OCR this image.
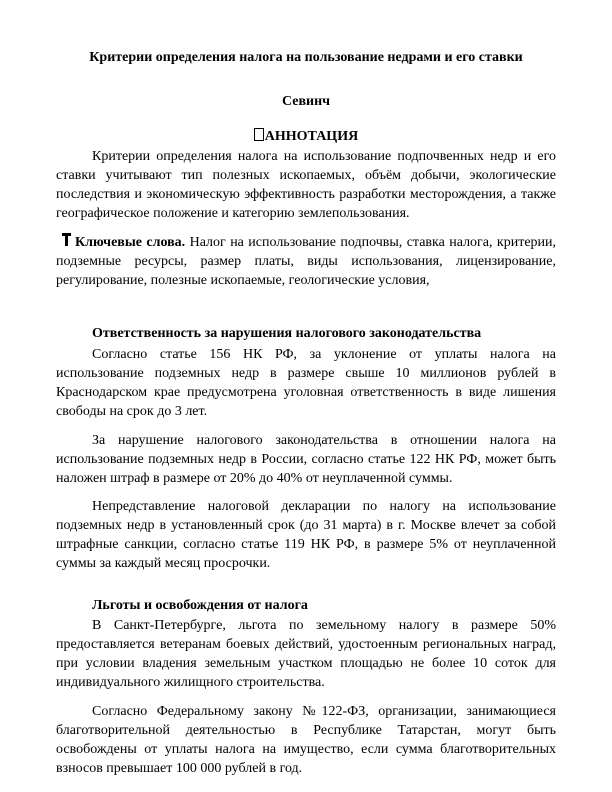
Критерии определения налога на пользование недрами и его ставки
Севинч
АННОТАЦИЯ

Критерии определения налога на использование подпочвенных недр и его ставки учитывают тип полезных ископаемых, объём добычи, экологические последствия и экономическую эффективность разработки месторождения, а также географическое положение и категорию землепользования.

Ключевые слова. Налог на использование подпочвы, ставка налога, критерии, подземные ресурсы, размер платы, виды использования, лицензирование, регулирование, полезные ископаемые, геологические условия,

Ответственность за нарушения налогового законодательства

Согласно статье 156 НК РФ, за уклонение от уплаты налога на использование подземных недр в размере свыше 10 миллионов рублей в Краснодарском крае предусмотрена уголовная ответственность в виде лишения свободы на срок до 3 лет.

За нарушение налогового законодательства в отношении налога на использование подземных недр в России, согласно статье 122 НК РФ, может быть наложен штраф в размере от 20% до 40% от неуплаченной суммы.

Непредставление налоговой декларации по налогу на использование подземных недр в установленный срок (до 31 марта) в г. Москве влечет за собой штрафные санкции, согласно статье 119 НК РФ, в размере 5% от неуплаченной суммы за каждый месяц просрочки.

Льготы и освобождения от налога

В Санкт-Петербурге, льгота по земельному налогу в размере 50% предоставляется ветеранам боевых действий, удостоенным региональных наград, при условии владения земельным участком площадью не более 10 соток для индивидуального жилищного строительства.

Согласно Федеральному закону №122-ФЗ, организации, занимающиеся благотворительной деятельностью в Республике Татарстан, могут быть освобождены от уплаты налога на имущество, если сумма благотворительных взносов превышает 100 000 рублей в год.
